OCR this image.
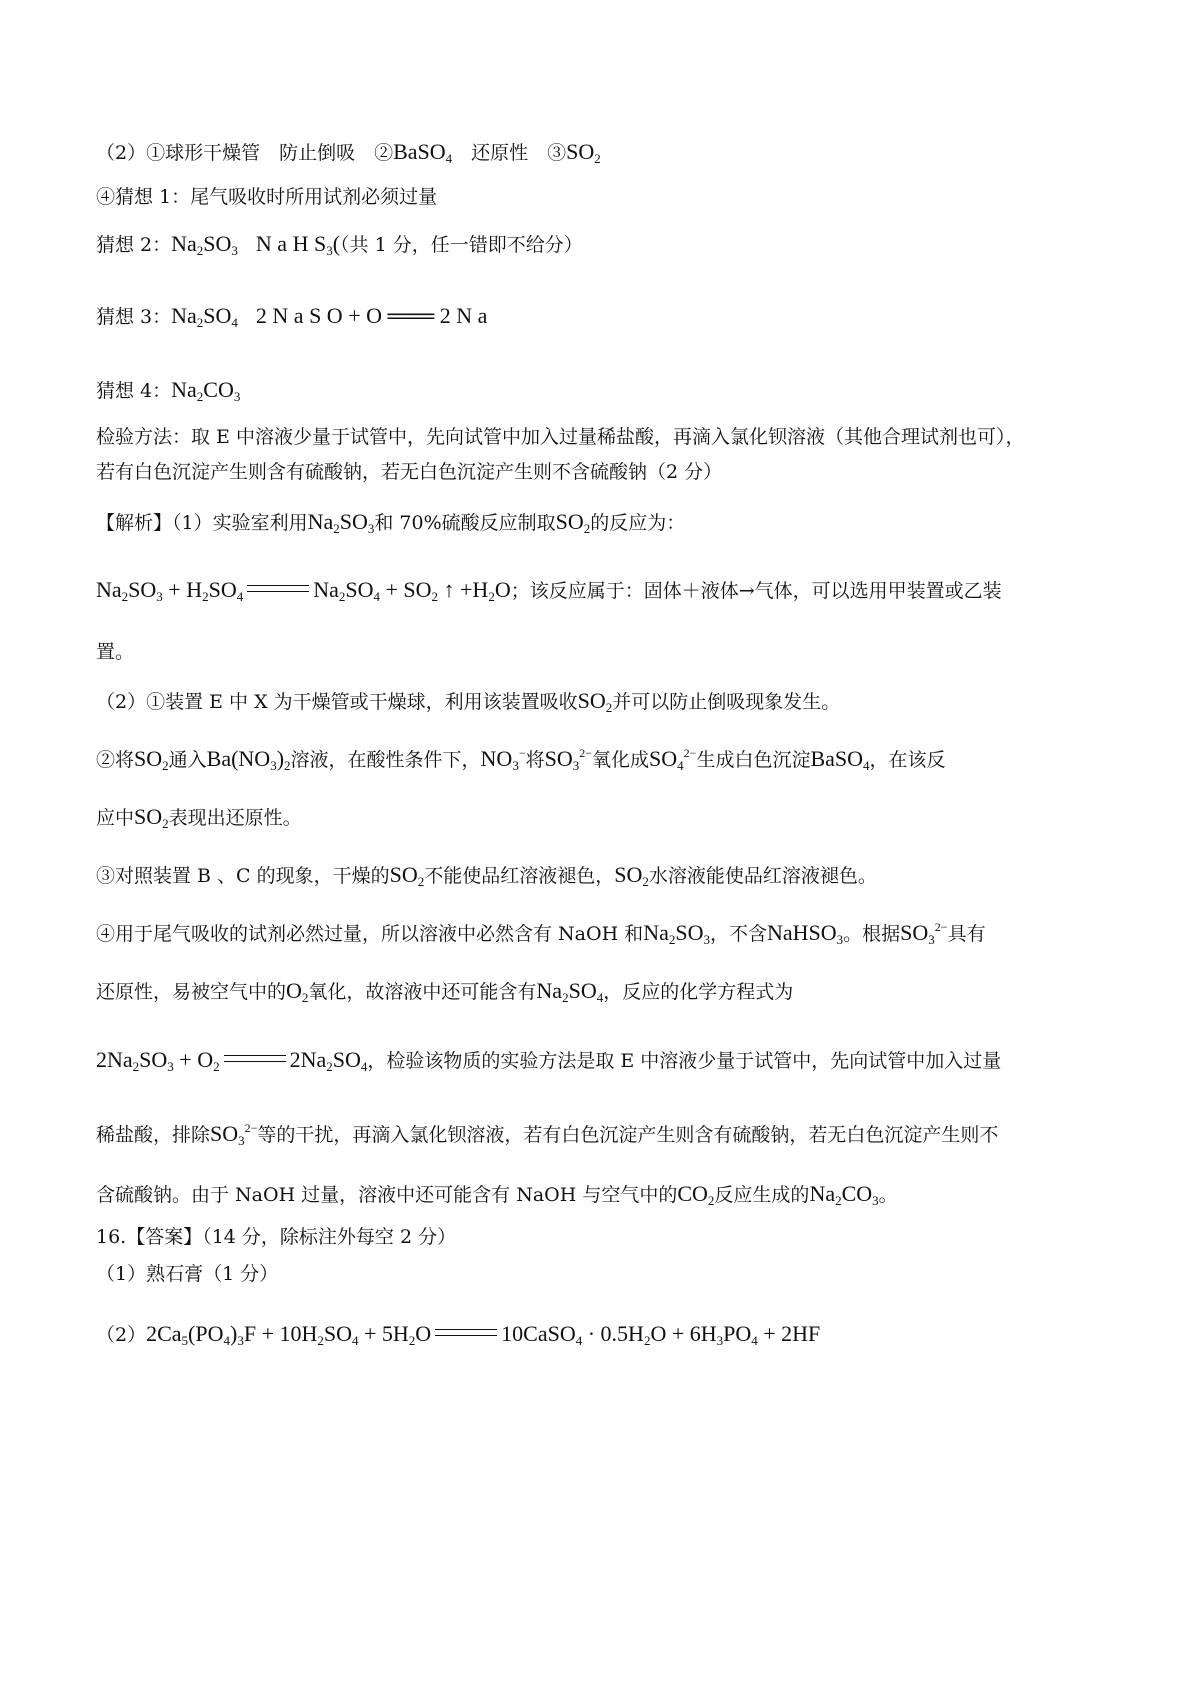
（2）①球形干燥管　防止倒吸　②BaSO$_4$　还原性　$③SO_2$
④猜想 1：尾气吸收时所用试剂必须过量
猜想 2：$Na_2SO_3$ N a H $S_3$(（共 1 分，任一错即不给分）
猜想 3：$Na_2SO_4$ 2 N a S O + O ═══ 2 N a
猜想 4：$Na_2CO_3$
检验方法：取 E 中溶液少量于试管中，先向试管中加入过量稀盐酸，再滴入氯化钡溶液（其他合理试剂也可），
若有白色沉淀产生则含有硫酸钠，若无白色沉淀产生则不含硫酸钠（2 分）
【解析】（1）实验室利用$Na_2SO_3$和 70%硫酸反应制取$SO_2$的反应为：
$Na_2SO_3 + H_2SO_4$	$Na_2SO_4 + SO_2$ ↑ $+H_2O$；该反应属于：固体＋液体→气体，可以选用甲装置或乙装
置。
（2）①装置 E 中 X 为干燥管或干燥球，利用该装置吸收$SO_2$并可以防止倒吸现象发生。
②将$SO_2$通入$Ba(NO_3)_2$溶液，在酸性条件下，$NO_3^-$将$SO_3^{2-}$氧化成$SO_4^{2-}$生成白色沉淀BaSO$_4$，在该反
应中$SO_2$表现出还原性。
③对照装置 B 、C 的现象，干燥的$SO_2$不能使品红溶液褪色，$SO_2$水溶液能使品红溶液褪色。
④用于尾气吸收的试剂必然过量，所以溶液中必然含有 NaOH 和$Na_2SO_3$，不含NaHSO$_3$。根据$SO_3^{2-}$具有
还原性，易被空气中的$O_2$氧化，故溶液中还可能含有$Na_2SO_4$，反应的化学方程式为
$2Na_2SO_3 + O_2$	$2Na_2SO_4$，检验该物质的实验方法是取 E 中溶液少量于试管中，先向试管中加入过量
稀盐酸，排除$SO_3^{2-}$等的干扰，再滴入氯化钡溶液，若有白色沉淀产生则含有硫酸钠，若无白色沉淀产生则不
含硫酸钠。由于 NaOH 过量，溶液中还可能含有 NaOH 与空气中的$CO_2$反应生成的$Na_2CO_3$。
16.【答案】（14 分，除标注外每空 2 分）
（1）熟石膏（1 分）
$(2)2Ca_5(PO_4)_3F + 10H_2SO_4 + 5H_2O$	10CaSO$_4$ · $0.5H_2O + 6H_3PO_4 + 2HF$
